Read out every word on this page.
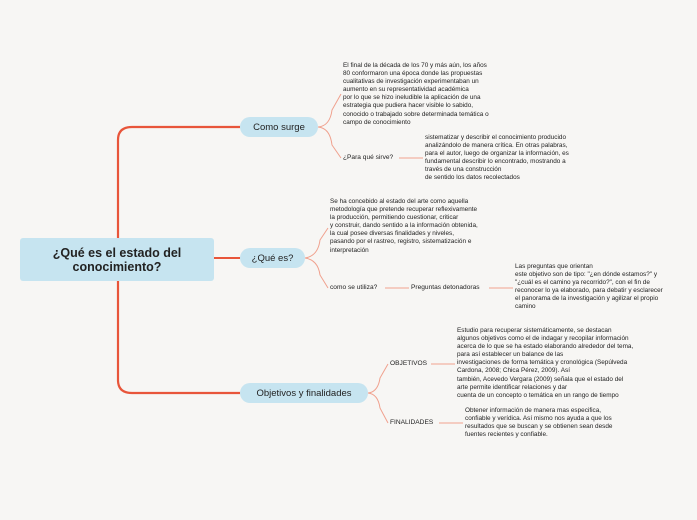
¿Qué es el estado del
conocimiento?
Como surge
El final de la década de los 70 y más aún, los años
80 conformaron una época donde las propuestas
cualitativas de investigación experimentaban un
aumento en su representatividad académica
por lo que se hizo ineludible la aplicación de una
estrategia que pudiera hacer visible lo sabido,
conocido o trabajado sobre determinada temática o
campo de conocimiento
¿Para qué sirve?
sistematizar y describir el conocimiento producido
analizándolo de manera crítica. En otras palabras,
para el autor, luego de organizar la información, es
fundamental describir lo encontrado, mostrando a
través de una construcción
de sentido los datos recolectados
¿Qué es?
Se ha concebido al estado del arte como aquella
metodología que pretende recuperar reflexivamente
la producción, permitiendo cuestionar, criticar
y construir, dando sentido a la información obtenida,
la cual posee diversas finalidades y niveles,
pasando por el rastreo, registro, sistematización e
interpretación
como se utiliza?	Preguntas detonadoras
Las preguntas que orientan
este objetivo son de tipo: "¿en dónde estamos?" y
"¿cuál es el camino ya recorrido?", con el fin de
reconocer lo ya elaborado, para debatir y esclarecer
el panorama de la investigación y agilizar el propio
camino
Objetivos y finalidades
OBJETIVOS
Estudio para recuperar sistemáticamente, se destacan
algunos objetivos como el de indagar y recopilar información
acerca de lo que se ha estado elaborando alrededor del tema,
para así establecer un balance de las
investigaciones de forma temática y cronológica (Sepúlveda
Cardona, 2008; Chica Pérez, 2009). Así
también, Acevedo Vergara (2009) señala que el estado del
arte permite identificar relaciones y dar
cuenta de un concepto o temática en un rango de tiempo
FINALIDADES
Obtener información de manera mas especifica,
confiable y verídica. Así mismo nos ayuda a que los
resultados que se buscan y se obtienen sean desde
fuentes recientes y confiable.
